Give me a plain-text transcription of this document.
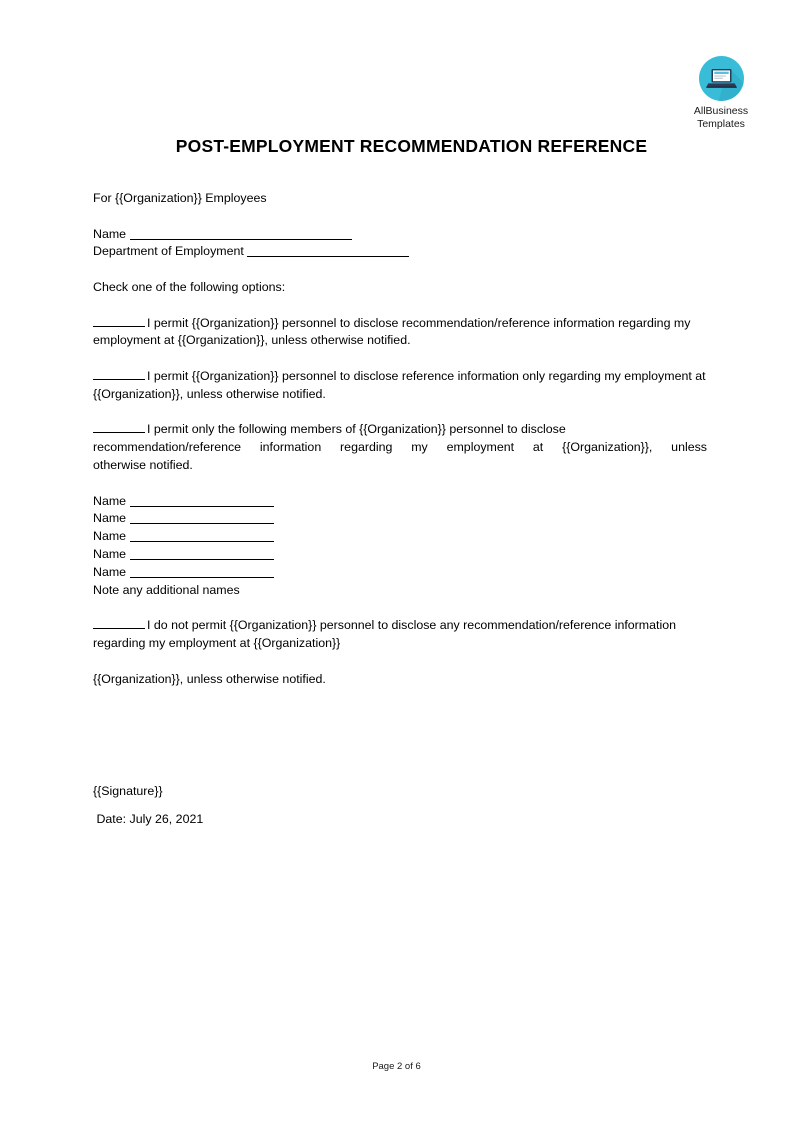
AllBusiness
Templates
POST-EMPLOYMENT RECOMMENDATION REFERENCE
For {{Organization}} Employees
Name
Department of Employment
Check one of the following options:
I permit {{Organization}} personnel to disclose recommendation/reference information regarding my employment at {{Organization}}, unless otherwise notified.
I permit {{Organization}} personnel to disclose reference information only regarding my employment at {{Organization}}, unless otherwise notified.
I permit only the following members of {{Organization}} personnel to disclose
recommendation/reference information regarding my employment at {{Organization}}, unless
otherwise notified.
Name
Name
Name
Name
Name
Note any additional names
I do not permit {{Organization}} personnel to disclose any recommendation/reference information regarding my employment at {{Organization}}
{{Organization}}, unless otherwise notified.
{{Signature}}
Date: July 26, 2021
Page 2 of 6
